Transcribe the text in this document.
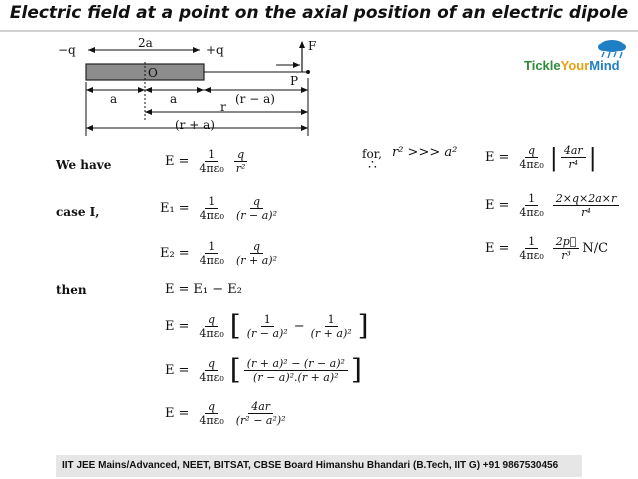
Electric field at a point on the axial position of an electric dipole
TickleYourMind
−q	2a	+q
O
P
F
a	a	(r − a)
r
(r + a)
We have
case I,
then
$E = \frac{1}{\text{4πε₀}} \frac{q}{\text{r²}}$
$E_1 = \frac{1}{\text{4πε₀}} \frac{q}{\text{(r − a)²}}$
$E_2 = \frac{1}{\text{4πε₀}} \frac{q}{\text{(r + a)²}}$
E = E₁ − E₂
$E = \frac{q}{\text{4πε₀}}$ [ $\frac{1}{\text{(r − a)²}} - \frac{1}{\text{(r + a)²}}$ ]
$E = \frac{q}{\text{4πε₀}}$ [ $\frac{\text{(r + a)² − (r − a)²}}{\text{(r − a)².(r + a)²}}$ ]
$E = \frac{q}{\text{4πε₀}} \frac{4ar}{\text{(r² − a²)²}}$
for, r² >>> a²
∴	$E = \frac{q}{\text{4πε₀}}$ | $\frac{4ar}{\text{r⁴}}$ |
$E = \frac{1}{\text{4πε₀}} \frac{2\times q\times 2a\times r}{\text{r⁴}}$
$E = \frac{1}{\text{4πε₀}} \frac{2p⃗}{\text{r³}} N/C$
IIT JEE Mains/Advanced, NEET, BITSAT, CBSE Board Himanshu Bhandari (B.Tech, IIT G) +91 9867530456
